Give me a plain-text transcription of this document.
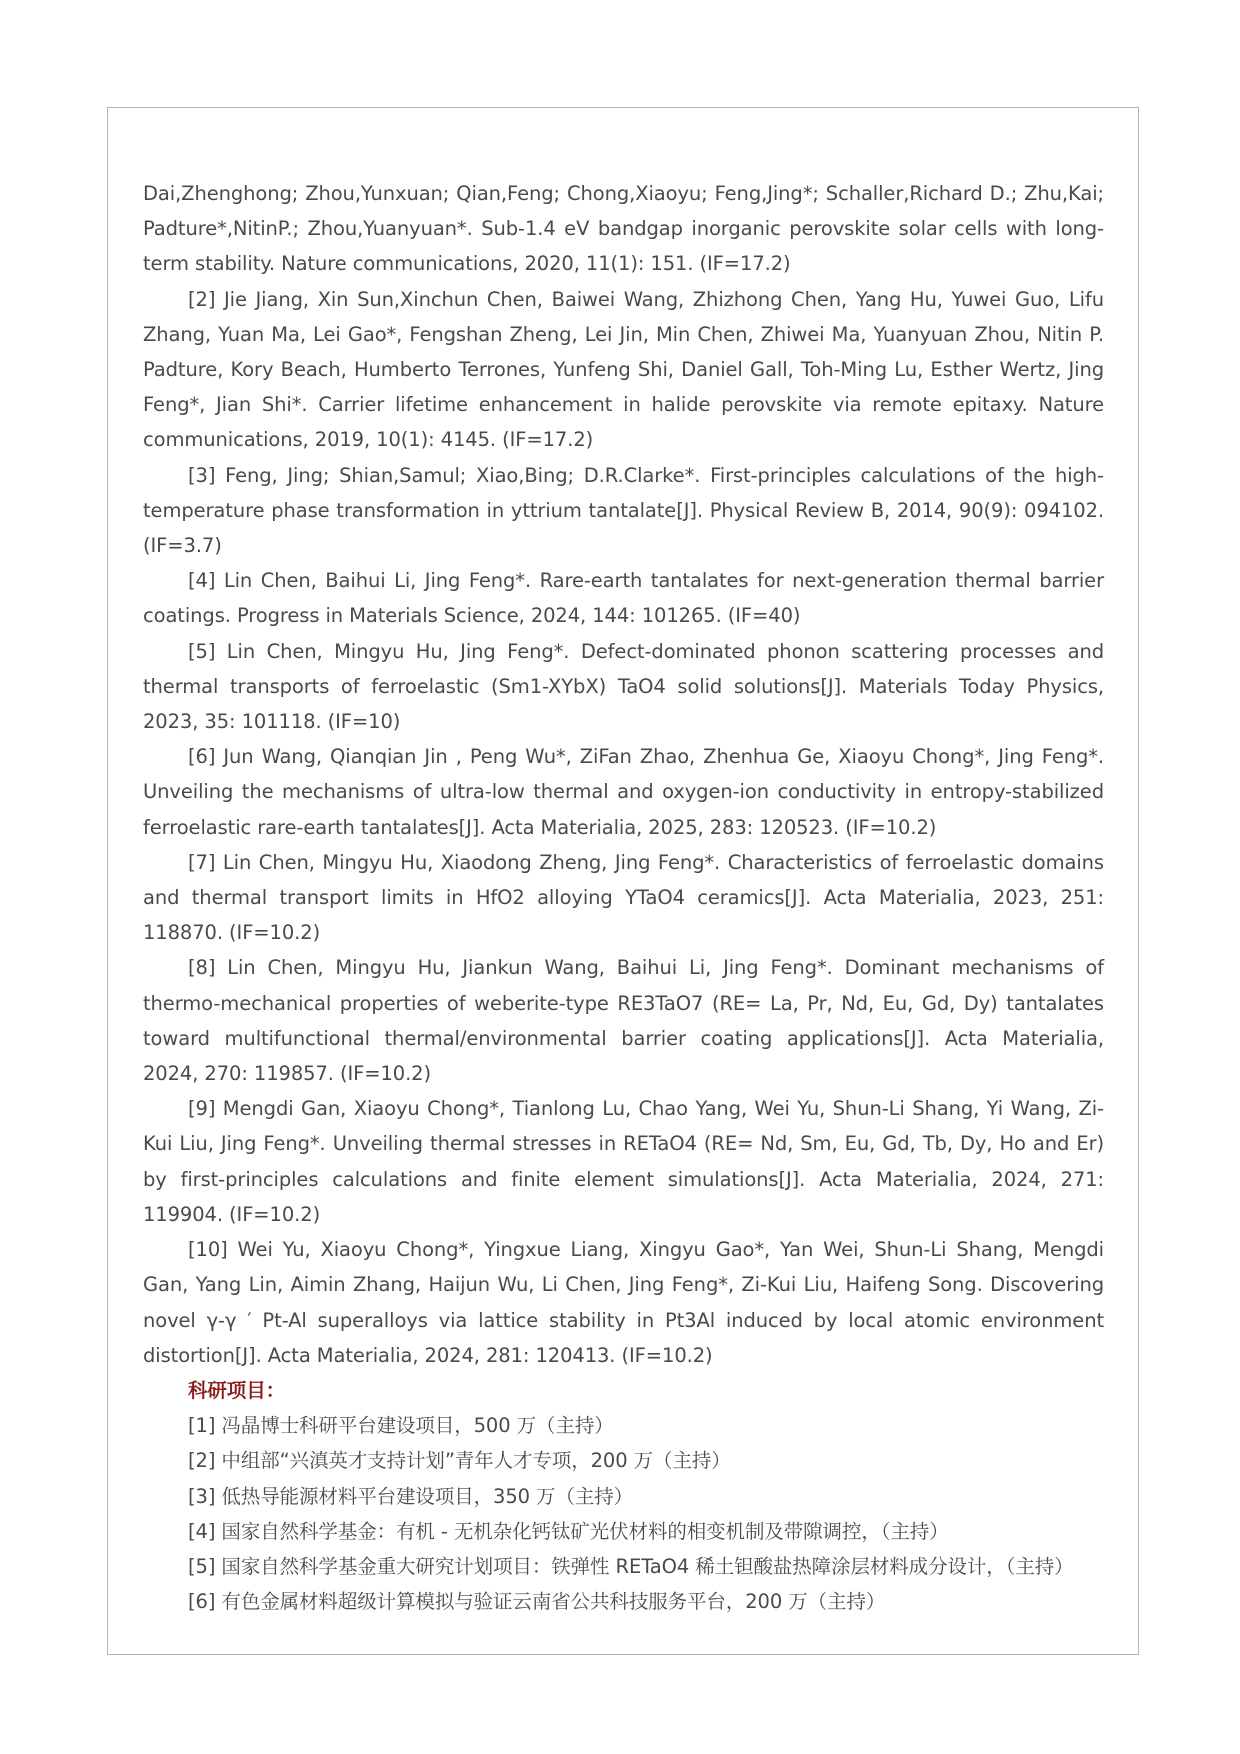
Dai,Zhenghong; Zhou,Yunxuan; Qian,Feng; Chong,Xiaoyu; Feng,Jing*; Schaller,Richard D.; Zhu,Kai; Padture*,NitinP.; Zhou,Yuanyuan*. Sub-1.4 eV bandgap inorganic perovskite solar cells with long-term stability. Nature communications, 2020, 11(1): 151. (IF=17.2)

[2] Jie Jiang, Xin Sun,Xinchun Chen, Baiwei Wang, Zhizhong Chen, Yang Hu, Yuwei Guo, Lifu Zhang, Yuan Ma, Lei Gao*, Fengshan Zheng, Lei Jin, Min Chen, Zhiwei Ma, Yuanyuan Zhou, Nitin P. Padture, Kory Beach, Humberto Terrones, Yunfeng Shi, Daniel Gall, Toh-Ming Lu, Esther Wertz, Jing Feng*, Jian Shi*. Carrier lifetime enhancement in halide perovskite via remote epitaxy. Nature communications, 2019, 10(1): 4145. (IF=17.2)

[3] Feng, Jing; Shian,Samul; Xiao,Bing; D.R.Clarke*. First-principles calculations of the high-temperature phase transformation in yttrium tantalate[J]. Physical Review B, 2014, 90(9): 094102. (IF=3.7)

[4] Lin Chen, Baihui Li, Jing Feng*. Rare-earth tantalates for next-generation thermal barrier coatings. Progress in Materials Science, 2024, 144: 101265. (IF=40)

[5] Lin Chen, Mingyu Hu, Jing Feng*. Defect-dominated phonon scattering processes and thermal transports of ferroelastic (Sm1-XYbX) TaO4 solid solutions[J]. Materials Today Physics, 2023, 35: 101118. (IF=10)

[6] Jun Wang, Qianqian Jin , Peng Wu*, ZiFan Zhao, Zhenhua Ge, Xiaoyu Chong*, Jing Feng*. Unveiling the mechanisms of ultra-low thermal and oxygen-ion conductivity in entropy-stabilized ferroelastic rare-earth tantalates[J]. Acta Materialia, 2025, 283: 120523. (IF=10.2)

[7] Lin Chen, Mingyu Hu, Xiaodong Zheng, Jing Feng*. Characteristics of ferroelastic domains and thermal transport limits in HfO2 alloying YTaO4 ceramics[J]. Acta Materialia, 2023, 251: 118870. (IF=10.2)

[8] Lin Chen, Mingyu Hu, Jiankun Wang, Baihui Li, Jing Feng*. Dominant mechanisms of thermo-mechanical properties of weberite-type RE3TaO7 (RE= La, Pr, Nd, Eu, Gd, Dy) tantalates toward multifunctional thermal/environmental barrier coating applications[J]. Acta Materialia, 2024, 270: 119857. (IF=10.2)

[9] Mengdi Gan, Xiaoyu Chong*, Tianlong Lu, Chao Yang, Wei Yu, Shun-Li Shang, Yi Wang, Zi-Kui Liu, Jing Feng*. Unveiling thermal stresses in RETaO4 (RE= Nd, Sm, Eu, Gd, Tb, Dy, Ho and Er) by first-principles calculations and finite element simulations[J]. Acta Materialia, 2024, 271: 119904. (IF=10.2)

[10] Wei Yu, Xiaoyu Chong*, Yingxue Liang, Xingyu Gao*, Yan Wei, Shun-Li Shang, Mengdi Gan, Yang Lin, Aimin Zhang, Haijun Wu, Li Chen, Jing Feng*, Zi-Kui Liu, Haifeng Song. Discovering novel γ-γ ′ Pt-Al superalloys via lattice stability in Pt3Al induced by local atomic environment distortion[J]. Acta Materialia, 2024, 281: 120413. (IF=10.2)

科研项目：

[1] 冯晶博士科研平台建设项目，500 万（主持）

[2] 中组部“兴滇英才支持计划”青年人才专项，200 万（主持）

[3] 低热导能源材料平台建设项目，350 万（主持）

[4] 国家自然科学基金：有机 - 无机杂化钙钛矿光伏材料的相变机制及带隙调控，（主持）

[5] 国家自然科学基金重大研究计划项目：铁弹性 RETaO4 稀土钽酸盐热障涂层材料成分设计，（主持）

[6] 有色金属材料超级计算模拟与验证云南省公共科技服务平台，200 万（主持）
